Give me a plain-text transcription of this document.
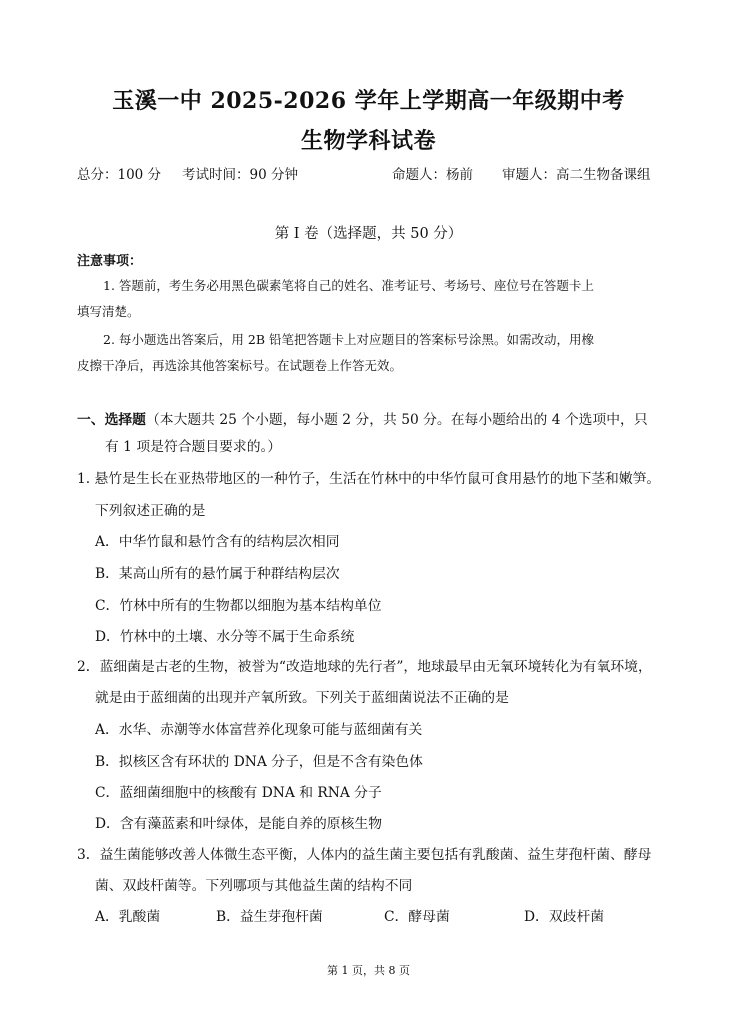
玉溪一中 2025-2026 学年上学期高一年级期中考
生物学科试卷
总分：100 分 考试时间：90 分钟	命题人：杨前 审题人：高二生物备课组
第 Ⅰ 卷（选择题，共 50 分）
注意事项：
1. 答题前，考生务必用黑色碳素笔将自己的姓名、准考证号、考场号、座位号在答题卡上
填写清楚。
2. 每小题选出答案后，用 2B 铅笔把答题卡上对应题目的答案标号涂黑。如需改动，用橡
皮擦干净后，再选涂其他答案标号。在试题卷上作答无效。
一、选择题（本大题共 25 个小题，每小题 2 分，共 50 分。在每小题给出的 4 个选项中，只
有 1 项是符合题目要求的。）
1. 悬竹是生长在亚热带地区的一种竹子，生活在竹林中的中华竹鼠可食用悬竹的地下茎和嫩笋。
下列叙述正确的是
A．中华竹鼠和悬竹含有的结构层次相同
B．某高山所有的悬竹属于种群结构层次
C．竹林中所有的生物都以细胞为基本结构单位
D．竹林中的土壤、水分等不属于生命系统
2．蓝细菌是古老的生物，被誉为“改造地球的先行者”，地球最早由无氧环境转化为有氧环境，
就是由于蓝细菌的出现并产氧所致。下列关于蓝细菌说法不正确的是
A．水华、赤潮等水体富营养化现象可能与蓝细菌有关
B．拟核区含有环状的 DNA 分子，但是不含有染色体
C．蓝细菌细胞中的核酸有 DNA 和 RNA 分子
D．含有藻蓝素和叶绿体，是能自养的原核生物
3．益生菌能够改善人体微生态平衡，人体内的益生菌主要包括有乳酸菌、益生芽孢杆菌、酵母
菌、双歧杆菌等。下列哪项与其他益生菌的结构不同
A．乳酸菌	B．益生芽孢杆菌	C．酵母菌	D．双歧杆菌
第 1 页，共 8 页
